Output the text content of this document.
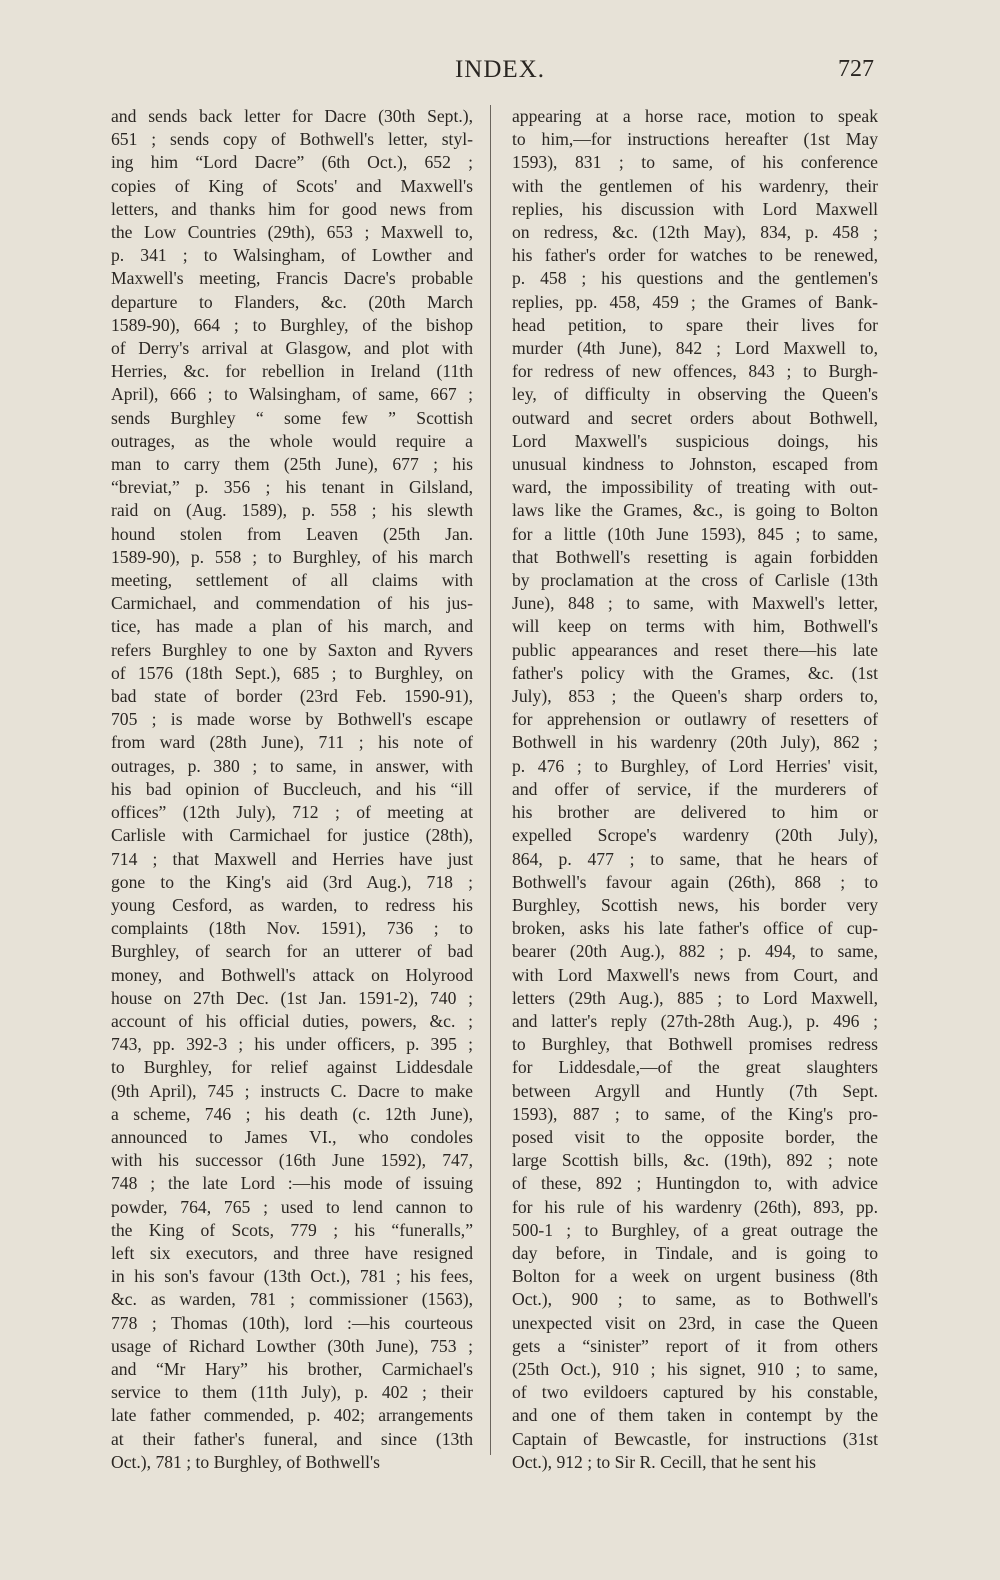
INDEX.	727
and sends back letter for Dacre (30th Sept.),
651 ; sends copy of Bothwell's letter, styl-
ing him “Lord Dacre” (6th Oct.), 652 ;
copies of King of Scots' and Maxwell's
letters, and thanks him for good news from
the Low Countries (29th), 653 ; Maxwell to,
p. 341 ; to Walsingham, of Lowther and
Maxwell's meeting, Francis Dacre's probable
departure to Flanders, &c. (20th March
1589-90), 664 ; to Burghley, of the bishop
of Derry's arrival at Glasgow, and plot with
Herries, &c. for rebellion in Ireland (11th
April), 666 ; to Walsingham, of same, 667 ;
sends Burghley “ some few ” Scottish
outrages, as the whole would require a
man to carry them (25th June), 677 ; his
“breviat,” p. 356 ; his tenant in Gilsland,
raid on (Aug. 1589), p. 558 ; his slewth
hound stolen from Leaven (25th Jan.
1589-90), p. 558 ; to Burghley, of his march
meeting, settlement of all claims with
Carmichael, and commendation of his jus-
tice, has made a plan of his march, and
refers Burghley to one by Saxton and Ryvers
of 1576 (18th Sept.), 685 ; to Burghley, on
bad state of border (23rd Feb. 1590-91),
705 ; is made worse by Bothwell's escape
from ward (28th June), 711 ; his note of
outrages, p. 380 ; to same, in answer, with
his bad opinion of Buccleuch, and his “ill
offices” (12th July), 712 ; of meeting at
Carlisle with Carmichael for justice (28th),
714 ; that Maxwell and Herries have just
gone to the King's aid (3rd Aug.), 718 ;
young Cesford, as warden, to redress his
complaints (18th Nov. 1591), 736 ; to
Burghley, of search for an utterer of bad
money, and Bothwell's attack on Holyrood
house on 27th Dec. (1st Jan. 1591-2), 740 ;
account of his official duties, powers, &c. ;
743, pp. 392-3 ; his under officers, p. 395 ;
to Burghley, for relief against Liddesdale
(9th April), 745 ; instructs C. Dacre to make
a scheme, 746 ; his death (c. 12th June),
announced to James VI., who condoles
with his successor (16th June 1592), 747,
748 ; the late Lord :—his mode of issuing
powder, 764, 765 ; used to lend cannon to
the King of Scots, 779 ; his “funeralls,”
left six executors, and three have resigned
in his son's favour (13th Oct.), 781 ; his fees,
&c. as warden, 781 ; commissioner (1563),
778 ; Thomas (10th), lord :—his courteous
usage of Richard Lowther (30th June), 753 ;
and “Mr Hary” his brother, Carmichael's
service to them (11th July), p. 402 ; their
late father commended, p. 402; arrangements
at their father's funeral, and since (13th
Oct.), 781 ; to Burghley, of Bothwell's
appearing at a horse race, motion to speak
to him,—for instructions hereafter (1st May
1593), 831 ; to same, of his conference
with the gentlemen of his wardenry, their
replies, his discussion with Lord Maxwell
on redress, &c. (12th May), 834, p. 458 ;
his father's order for watches to be renewed,
p. 458 ; his questions and the gentlemen's
replies, pp. 458, 459 ; the Grames of Bank-
head petition, to spare their lives for
murder (4th June), 842 ; Lord Maxwell to,
for redress of new offences, 843 ; to Burgh-
ley, of difficulty in observing the Queen's
outward and secret orders about Bothwell,
Lord Maxwell's suspicious doings, his
unusual kindness to Johnston, escaped from
ward, the impossibility of treating with out-
laws like the Grames, &c., is going to Bolton
for a little (10th June 1593), 845 ; to same,
that Bothwell's resetting is again forbidden
by proclamation at the cross of Carlisle (13th
June), 848 ; to same, with Maxwell's letter,
will keep on terms with him, Bothwell's
public appearances and reset there—his late
father's policy with the Grames, &c. (1st
July), 853 ; the Queen's sharp orders to,
for apprehension or outlawry of resetters of
Bothwell in his wardenry (20th July), 862 ;
p. 476 ; to Burghley, of Lord Herries' visit,
and offer of service, if the murderers of
his brother are delivered to him or
expelled Scrope's wardenry (20th July),
864, p. 477 ; to same, that he hears of
Bothwell's favour again (26th), 868 ; to
Burghley, Scottish news, his border very
broken, asks his late father's office of cup-
bearer (20th Aug.), 882 ; p. 494, to same,
with Lord Maxwell's news from Court, and
letters (29th Aug.), 885 ; to Lord Maxwell,
and latter's reply (27th-28th Aug.), p. 496 ;
to Burghley, that Bothwell promises redress
for Liddesdale,—of the great slaughters
between Argyll and Huntly (7th Sept.
1593), 887 ; to same, of the King's pro-
posed visit to the opposite border, the
large Scottish bills, &c. (19th), 892 ; note
of these, 892 ; Huntingdon to, with advice
for his rule of his wardenry (26th), 893, pp.
500-1 ; to Burghley, of a great outrage the
day before, in Tindale, and is going to
Bolton for a week on urgent business (8th
Oct.), 900 ; to same, as to Bothwell's
unexpected visit on 23rd, in case the Queen
gets a “sinister” report of it from others
(25th Oct.), 910 ; his signet, 910 ; to same,
of two evildoers captured by his constable,
and one of them taken in contempt by the
Captain of Bewcastle, for instructions (31st
Oct.), 912 ; to Sir R. Cecill, that he sent his
